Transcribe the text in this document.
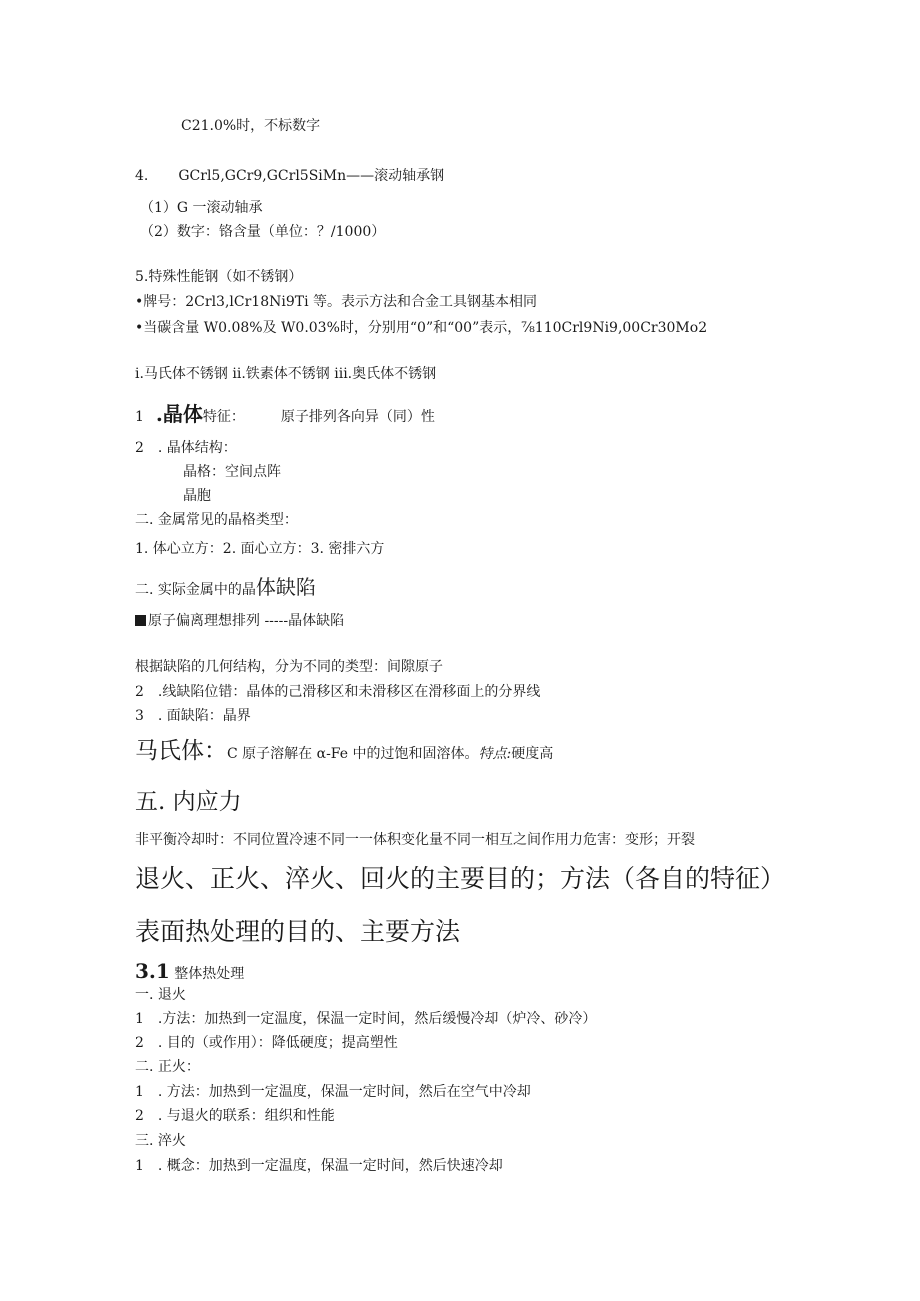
C21.0%时，不标数字
4. GCrl5,GCr9,GCrl5SiMn——滚动轴承钢
（1）G 一滚动轴承
（2）数字：铬含量（单位：？/1000）
5.特殊性能钢（如不锈钢）
•牌号：2Crl3,lCr18Ni9Ti 等。表示方法和合金工具钢基本相同
•当碳含量 W0.08%及 W0.03%时，分别用“0”和“00”表示，⅞110Crl9Ni9,00Cr30Mo2
i.马氏体不锈钢 ii.铁素体不锈钢 iii.奥氏体不锈钢
1 .晶体特征：	原子排列各向异（同）性
2　. 晶体结构：
晶格：空间点阵
晶胞
二. 金属常见的晶格类型：
1. 体心立方：2. 面心立方：3. 密排六方
二. 实际金属中的晶体缺陷
原子偏离理想排列 -----晶体缺陷
根据缺陷的几何结构，分为不同的类型：间隙原子
2　.线缺陷位错：晶体的己滑移区和未滑移区在滑移面上的分界线
3　. 面缺陷：晶界
马氏体：C 原子溶解在 α-Fe 中的过饱和固溶体。特点:硬度高
五. 内应力
非平衡冷却时：不同位置冷速不同一一体积变化量不同一相互之间作用力危害：变形；开裂
退火、正火、淬火、回火的主要目的；方法（各自的特征）
表面热处理的目的、主要方法
3.1 整体热处理
一. 退火
1　.方法：加热到一定温度，保温一定时间，然后缓慢冷却（炉冷、砂冷）
2　. 目的（或作用）：降低硬度；提高塑性
二. 正火：
1　. 方法：加热到一定温度，保温一定时间，然后在空气中冷却
2　. 与退火的联系：组织和性能
三. 淬火
1　. 概念：加热到一定温度，保温一定时间，然后快速冷却
